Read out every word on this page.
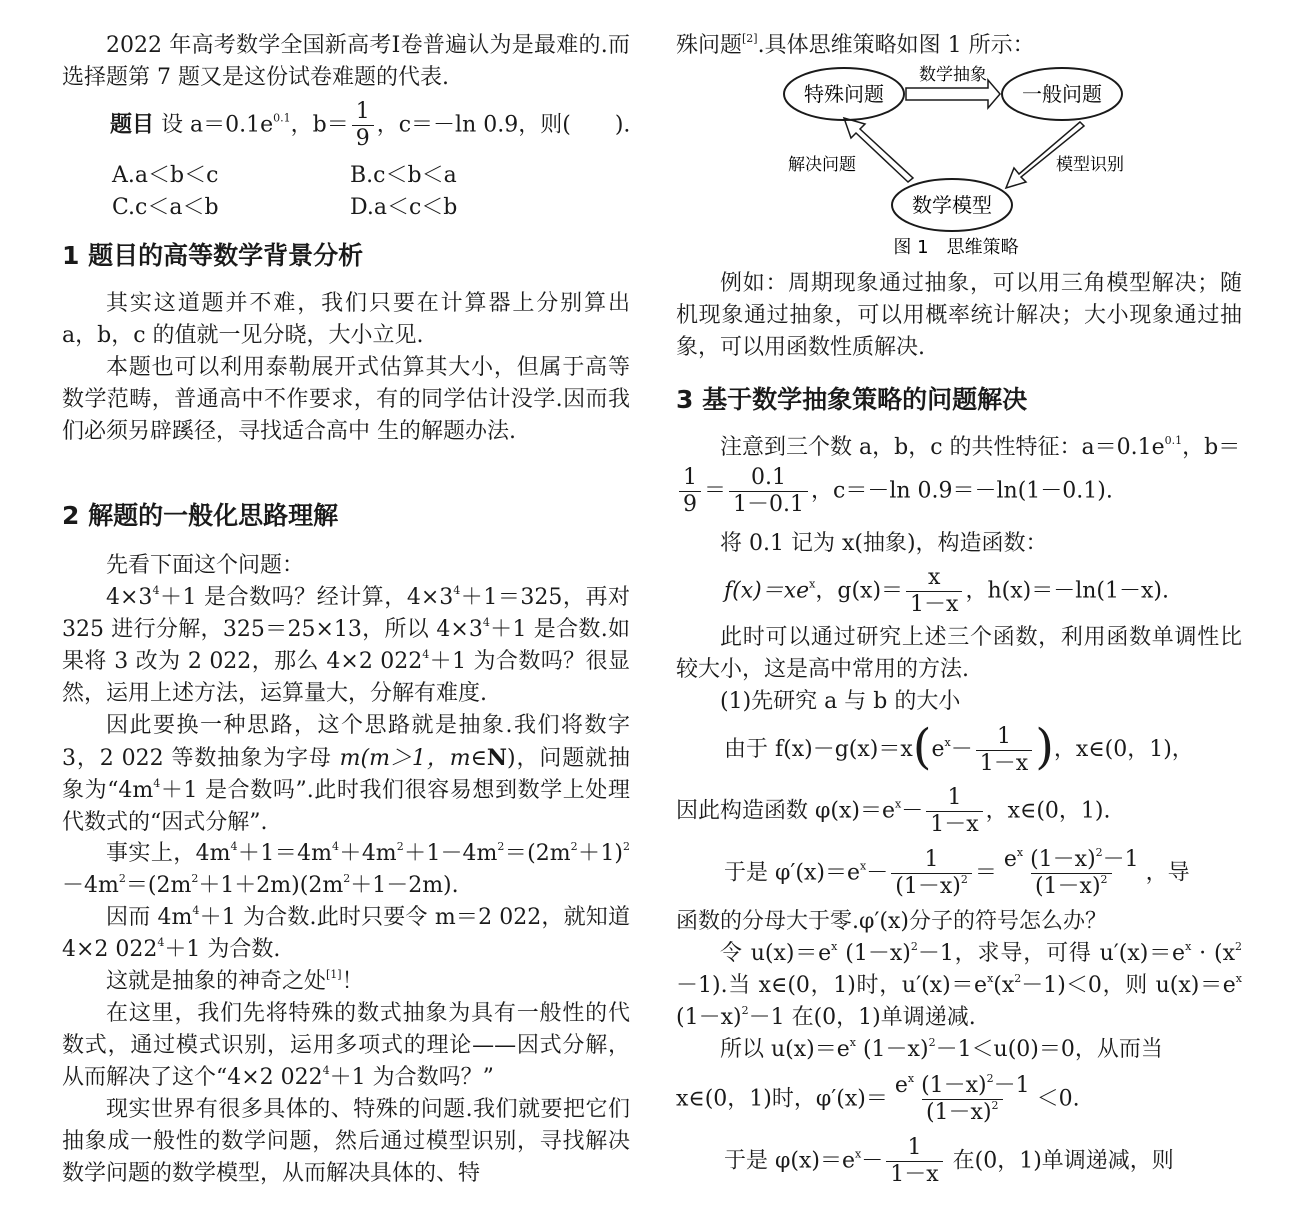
2022 年高考数学全国新高考Ⅰ卷普遍认为是最难的.而选择题第 7 题又是这份试卷难题的代表.

题目 设 $a=0.1e^{0.1}$，$b= \frac{1}{9}$ ，c＝－ln 0.9，则(　　).

A.a＜b＜c	B.c＜b＜a
C.c＜a＜b	D.a＜c＜b
1 题目的高等数学背景分析

其实这道题并不难，我们只要在计算器上分别算出 a，b，c 的值就一见分晓，大小立见.

本题也可以利用泰勒展开式估算其大小，但属于高等数学范畴，普通高中不作要求，有的同学估计没学.因而我们必须另辟蹊径，寻找适合高中 生的解题办法.

2 解题的一般化思路理解

先看下面这个问题：

$4\times 3^4+1$ 是合数吗？经计算，$4\times 3^4+1=325$，再对 325 进行分解，325＝25×13，所以 $4\times 3^4+1$ 是合数.如果将 3 改为 2 022，那么 4×2 $022^4+1$ 为合数吗？很显然，运用上述方法，运算量大，分解有难度.

因此要换一种思路，这个思路就是抽象.我们将数字 3，2 022 等数抽象为字母 m(m＞1，m∈N)，问题就抽象为“$4m^4+1$ 是合数吗”.此时我们很容易想到数学上处理代数式的“因式分解”.

事实上，$4m^4+1=4m^4+4m^2+1-4m^2=(2m^2+1)^2-4m^2=(2m^2+1+2m)(2m^2+1-2m)$.

因而 $4m^4+1$ 为合数.此时只要令 m＝2 022，就知道 4×2 $022^4+1$ 为合数.

这就是抽象的神奇之处[1]！

在这里，我们先将特殊的数式抽象为具有一般性的代数式，通过模式识别，运用多项式的理论——因式分解，从而解决了这个“4×2 $022^4+1$ 为合数吗？”

现实世界有很多具体的、特殊的问题.我们就要把它们抽象成一般性的数学问题，然后通过模型识别，寻找解决数学问题的数学模型，从而解决具体的、特

殊问题[2].具体思维策略如图 1 所示：

特殊问题	一般问题
数学模型
数学抽象
解决问题	模型识别
图 1　思维策略

例如：周期现象通过抽象，可以用三角模型解决；随机现象通过抽象，可以用概率统计解决；大小现象通过抽象，可以用函数性质解决.

3 基于数学抽象策略的问题解决

注意到三个数 a，b，c 的共性特征：$a=0.1e^{0.1}$，b＝

$\frac{1}{9} = \frac{0.1}{1-0.1}$ ，c＝－ln 0.9＝－ln(1－0.1).

将 0.1 记为 x(抽象)，构造函数：

$f(x)=xe^x$，$g(x)= \frac{x}{1-x}$ ，h(x)＝－ln(1－x).

此时可以通过研究上述三个函数，利用函数单调性比较大小，这是高中常用的方法.

(1)先研究 a 与 b 的大小

由于 $f(x)-g(x)=x(e^x- \frac{1}{1-x}$ )，x∈(0，1)，

因此构造函数 $\varphi(x)=e^x- \frac{1}{1-x}$ ，x∈(0，1).

于是 $\varphi'(x)=e^x- \frac{1}{(1-x)^2} = \frac{e^x (1-x)^2-1}{(1-x)^2}$ ，导

函数的分母大于零.φ′(x)分子的符号怎么办？

令 $u(x)=e^x$ $(1-x)^2-1$，求导，可得 $u'(x)=e^x \cdot (x^2-1)$.当 x∈(0，1)时，$u'(x)=e^x(x^2-1)<0$，则 $u(x)=e^x$ $(1-x)^2-1$ 在(0，1)单调递减.

所以 $u(x)=e^x$ $(1-x)^2-1<u(0)=0$，从而当

x∈(0，1)时，$\varphi'(x)= \frac{e^x (1-x)^2-1}{(1-x)^2} <0$.

于是 $\varphi(x)=e^x- \frac{1}{1-x}$ 在(0，1)单调递减，则
